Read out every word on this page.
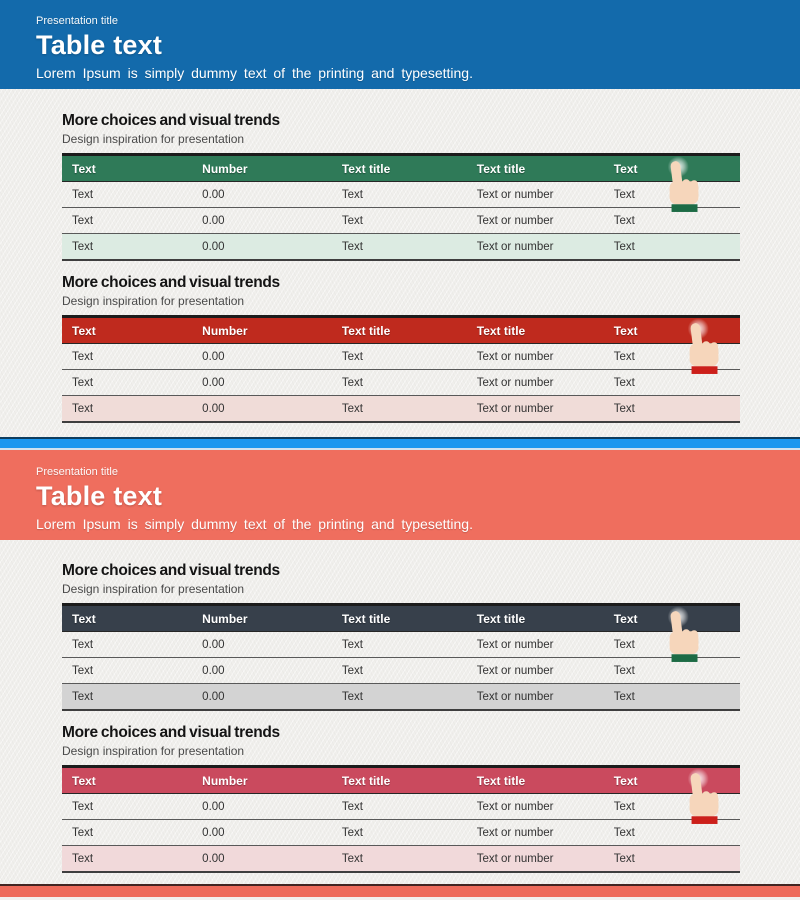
Presentation title

Table text

Lorem Ipsum is simply dummy text of the printing and typesetting.

More choices and visual trends
Design inspiration for presentation
Text	Number	Text title	Text title	Text
Text	0.00	Text	Text or number	Text
Text	0.00	Text	Text or number	Text
Text	0.00	Text	Text or number	Text
More choices and visual trends
Design inspiration for presentation
Text	Number	Text title	Text title	Text
Text	0.00	Text	Text or number	Text
Text	0.00	Text	Text or number	Text
Text	0.00	Text	Text or number	Text

Presentation title

Table text

Lorem Ipsum is simply dummy text of the printing and typesetting.

More choices and visual trends
Design inspiration for presentation
Text	Number	Text title	Text title	Text
Text	0.00	Text	Text or number	Text
Text	0.00	Text	Text or number	Text
Text	0.00	Text	Text or number	Text
More choices and visual trends
Design inspiration for presentation
Text	Number	Text title	Text title	Text
Text	0.00	Text	Text or number	Text
Text	0.00	Text	Text or number	Text
Text	0.00	Text	Text or number	Text
